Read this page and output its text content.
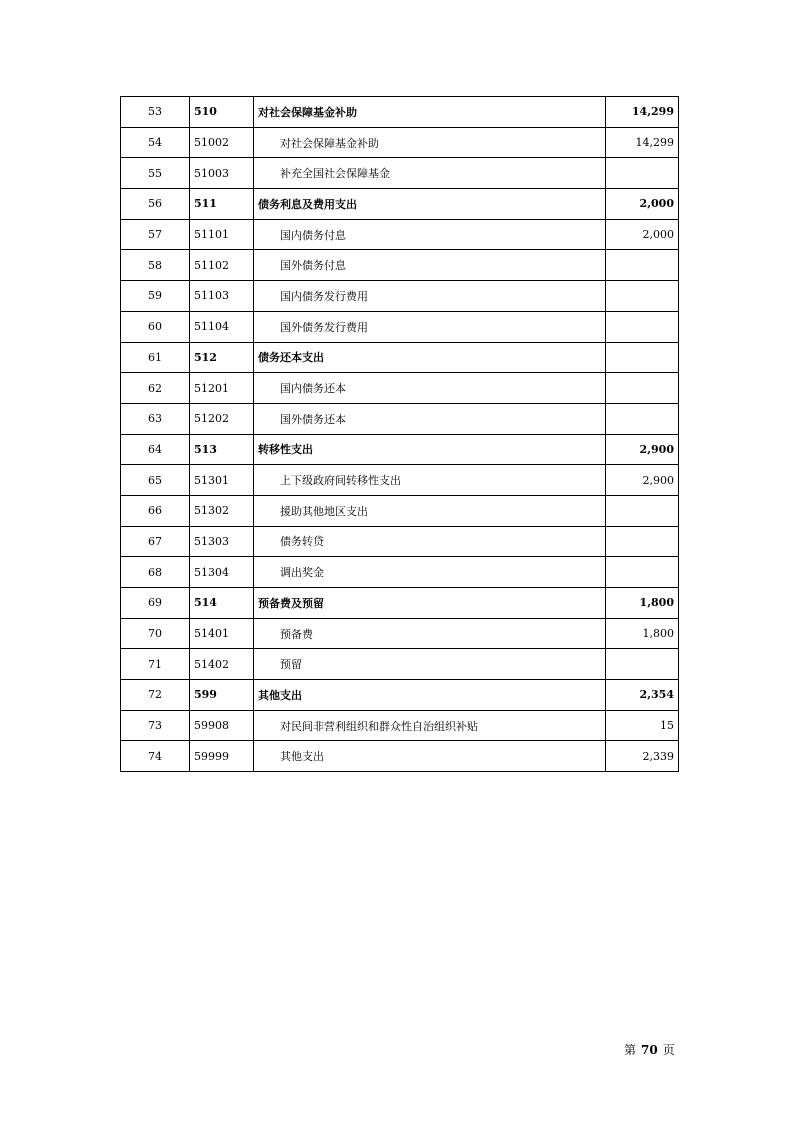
53	510	对社会保障基金补助	14,299
54	51002	对社会保障基金补助	14,299
55	51003	补充全国社会保障基金	
56	511	债务利息及费用支出	2,000
57	51101	国内债务付息	2,000
58	51102	国外债务付息	
59	51103	国内债务发行费用	
60	51104	国外债务发行费用	
61	512	债务还本支出	
62	51201	国内债务还本	
63	51202	国外债务还本	
64	513	转移性支出	2,900
65	51301	上下级政府间转移性支出	2,900
66	51302	援助其他地区支出	
67	51303	债务转贷	
68	51304	调出奖金	
69	514	预备费及预留	1,800
70	51401	预备费	1,800
71	51402	预留	
72	599	其他支出	2,354
73	59908	对民间非营利组织和群众性自治组织补贴	15
74	59999	其他支出	2,339
第 70 页
